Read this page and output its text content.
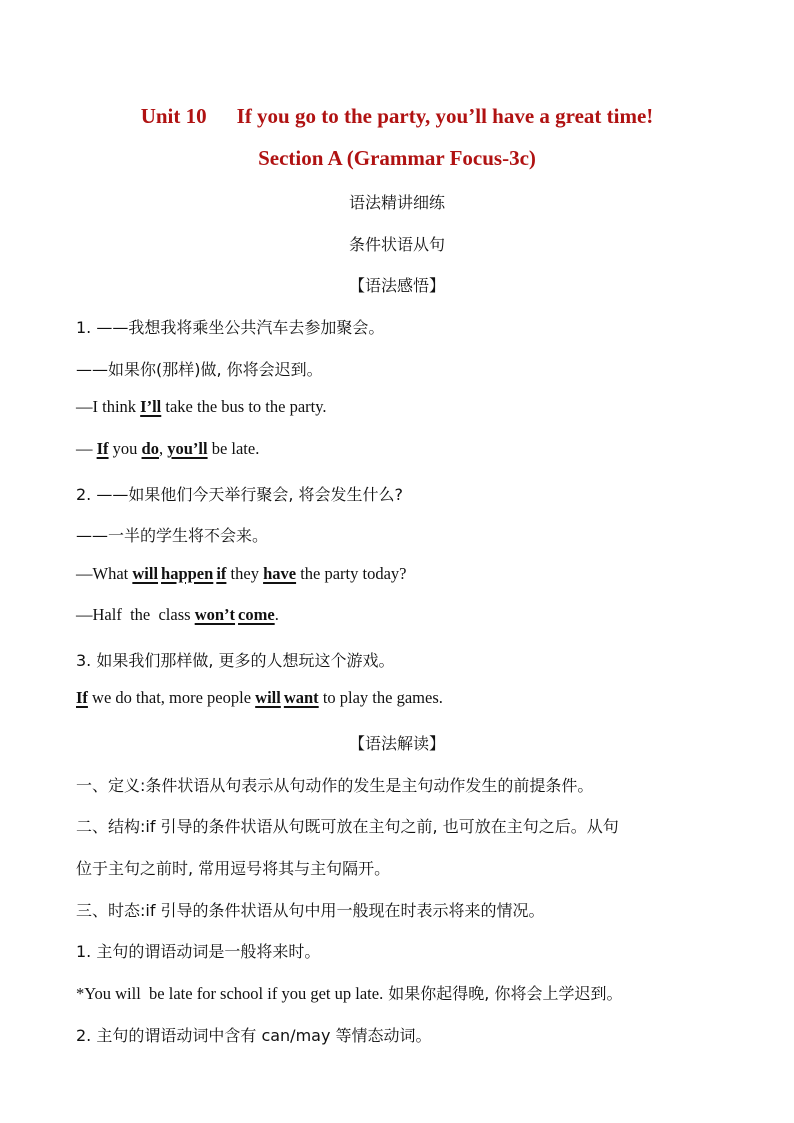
Unit 10 If you go to the party, you’ll have a great time!
Section A (Grammar Focus-3c)
语法精讲细练
条件状语从句
【语法感悟】
1. ——我想我将乘坐公共汽车去参加聚会。
——如果你(那样)做, 你将会迟到。
—I think I’ll take the bus to the party.
— If you do, you’ll be late.
2. ——如果他们今天举行聚会, 将会发生什么?
——一半的学生将不会来。
—What will happen if they have the party today?
—Half  the  class won’t come.
3. 如果我们那样做, 更多的人想玩这个游戏。
If we do that, more people will want to play the games.
【语法解读】
一、定义:条件状语从句表示从句动作的发生是主句动作发生的前提条件。
二、结构:if 引导的条件状语从句既可放在主句之前, 也可放在主句之后。从句
位于主句之前时, 常用逗号将其与主句隔开。
三、时态:if 引导的条件状语从句中用一般现在时表示将来的情况。
1. 主句的谓语动词是一般将来时。
*You will  be late for school if you get up late. 如果你起得晚, 你将会上学迟到。
2. 主句的谓语动词中含有 can/may 等情态动词。
